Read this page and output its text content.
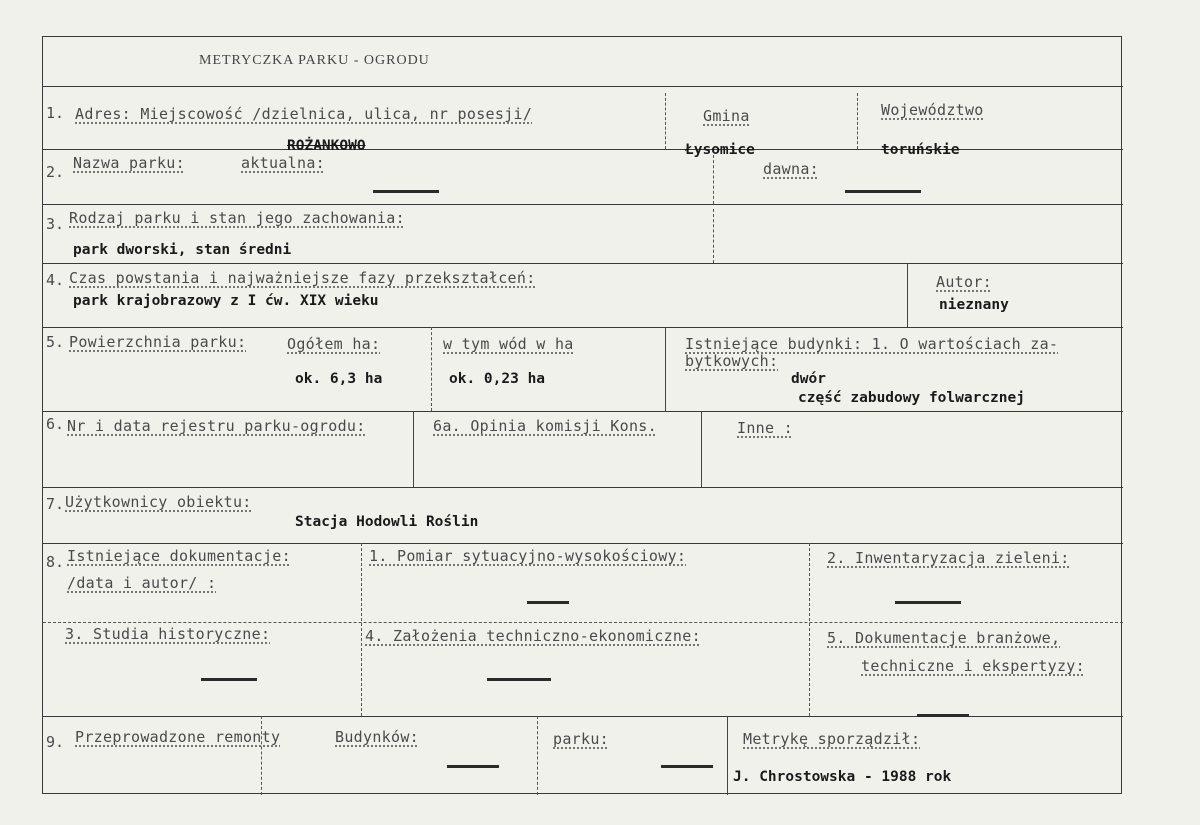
METRYCZKA PARKU - OGRODU
1. Adres: Miejscowość /dzielnica, ulica, nr posesji/
ROŻANKOWO
Gmina
Łysomice
Województwo
toruńskie
2. Nazwa parku:	aktualna:	dawna:
3. Rodzaj parku i stan jego zachowania:
park dworski, stan średni
4. Czas powstania i najważniejsze fazy przekształceń:
park krajobrazowy z I ćw. XIX wieku
Autor:
nieznany
5. Powierzchnia parku:	Ogółem ha:
ok. 6,3 ha
w tym wód w ha
ok. 0,23 ha
Istniejące budynki: 1. O wartościach za-
bytkowych:
dwór
część zabudowy folwarcznej
6. Nr i data rejestru parku-ogrodu:	6a. Opinia komisji Kons.	Inne :
7. Użytkownicy obiektu:
Stacja Hodowli Roślin
8. Istniejące dokumentacje:
/data i autor/ :
1. Pomiar sytuacyjno-wysokościowy:	2. Inwentaryzacja zieleni:
3. Studia historyczne:	4. Założenia techniczno-ekonomiczne:	5. Dokumentacje branżowe,
techniczne i ekspertyzy:
9. Przeprowadzone remonty	Budynków:	parku:	Metrykę sporządził:
J. Chrostowska - 1988 rok
